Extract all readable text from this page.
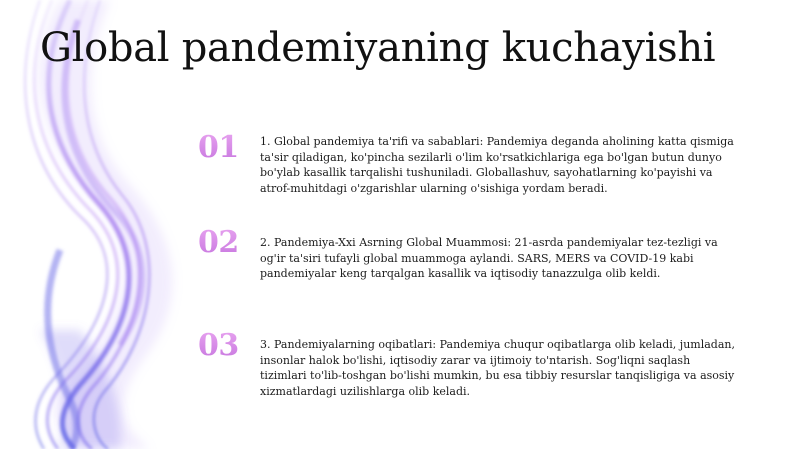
Global pandemiyaning kuchayishi
01 1. Global pandemiya ta'rifi va sabablari: Pandemiya deganda aholining katta qismiga ta'sir qiladigan, ko'pincha sezilarli o'lim ko'rsatkichlariga ega bo'lgan butun dunyo bo'ylab kasallik tarqalishi tushuniladi. Globallashuv, sayohatlarning ko'payishi va atrof-muhitdagi o'zgarishlar ularning o'sishiga yordam beradi.

02 2. Pandemiya-Xxi Asrning Global Muammosi: 21-asrda pandemiyalar tez-tezligi va og'ir ta'siri tufayli global muammoga aylandi. SARS, MERS va COVID-19 kabi pandemiyalar keng tarqalgan kasallik va iqtisodiy tanazzulga olib keldi.

03 3. Pandemiyalarning oqibatlari: Pandemiya chuqur oqibatlarga olib keladi, jumladan, insonlar halok bo'lishi, iqtisodiy zarar va ijtimoiy to'ntarish. Sog'liqni saqlash tizimlari to'lib-toshgan bo'lishi mumkin, bu esa tibbiy resurslar tanqisligiga va asosiy xizmatlardagi uzilishlarga olib keladi.
